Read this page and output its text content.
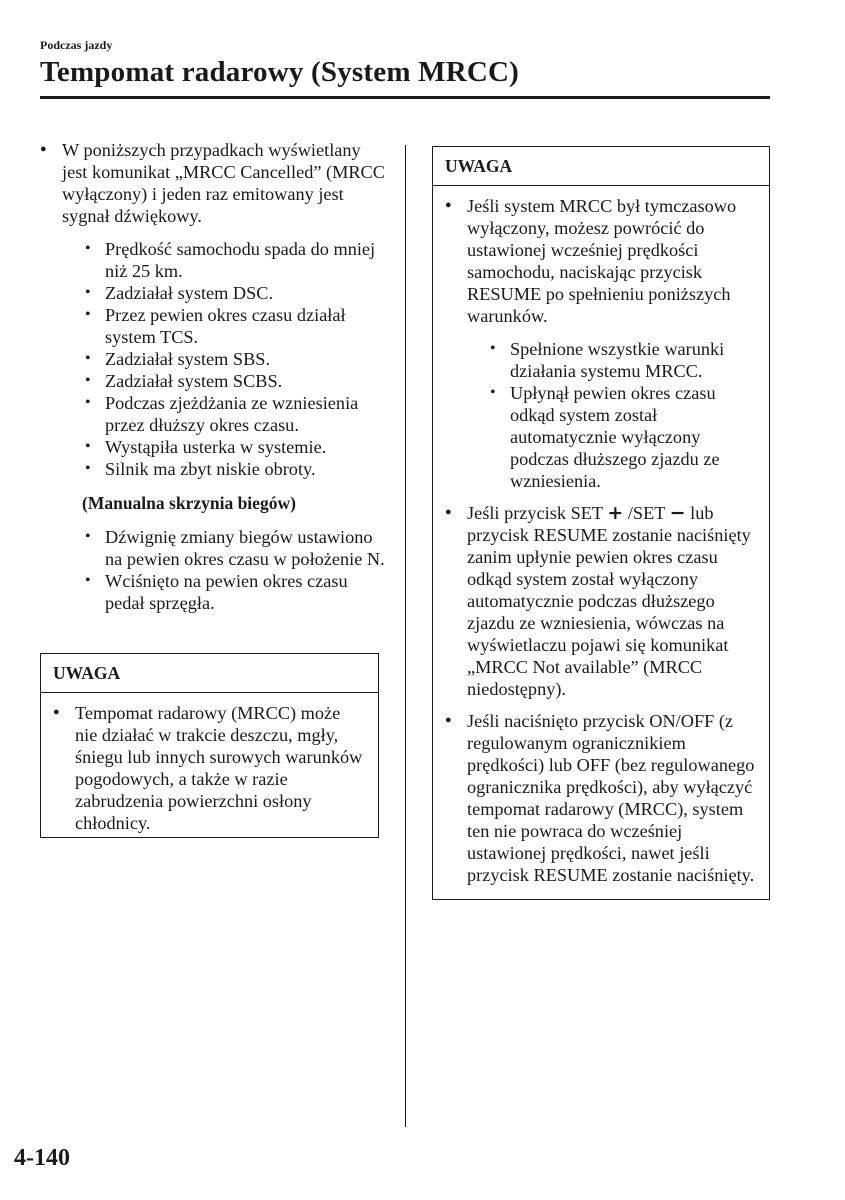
Podczas jazdy
Tempomat radarowy (System MRCC)
● W poniższych przypadkach wyświetlany jest komunikat „MRCC Cancelled” (MRCC wyłączony) i jeden raz emitowany jest sygnał dźwiękowy.
• Prędkość samochodu spada do mniej niż 25 km.
• Zadziałał system DSC.
• Przez pewien okres czasu działał system TCS.
• Zadziałał system SBS.
• Zadziałał system SCBS.
• Podczas zjeżdżania ze wzniesienia przez dłuższy okres czasu.
• Wystąpiła usterka w systemie.
• Silnik ma zbyt niskie obroty.
(Manualna skrzynia biegów)
• Dźwignię zmiany biegów ustawiono na pewien okres czasu w położenie N.
• Wciśnięto na pewien okres czasu pedał sprzęgła.
UWAGA
● Tempomat radarowy (MRCC) może nie działać w trakcie deszczu, mgły, śniegu lub innych surowych warunków pogodowych, a także w razie zabrudzenia powierzchni osłony chłodnicy.
UWAGA
● Jeśli system MRCC był tymczasowo wyłączony, możesz powrócić do ustawionej wcześniej prędkości samochodu, naciskając przycisk RESUME po spełnieniu poniższych warunków.
• Spełnione wszystkie warunki działania systemu MRCC.
• Upłynął pewien okres czasu odkąd system został automatycznie wyłączony podczas dłuższego zjazdu ze wzniesienia.
● Jeśli przycisk SET + /SET − lub przycisk RESUME zostanie naciśnięty zanim upłynie pewien okres czasu odkąd system został wyłączony automatycznie podczas dłuższego zjazdu ze wzniesienia, wówczas na wyświetlaczu pojawi się komunikat „MRCC Not available” (MRCC niedostępny).
● Jeśli naciśnięto przycisk ON/OFF (z regulowanym ogranicznikiem prędkości) lub OFF (bez regulowanego ogranicznika prędkości), aby wyłączyć tempomat radarowy (MRCC), system ten nie powraca do wcześniej ustawionej prędkości, nawet jeśli przycisk RESUME zostanie naciśnięty.
4-140
